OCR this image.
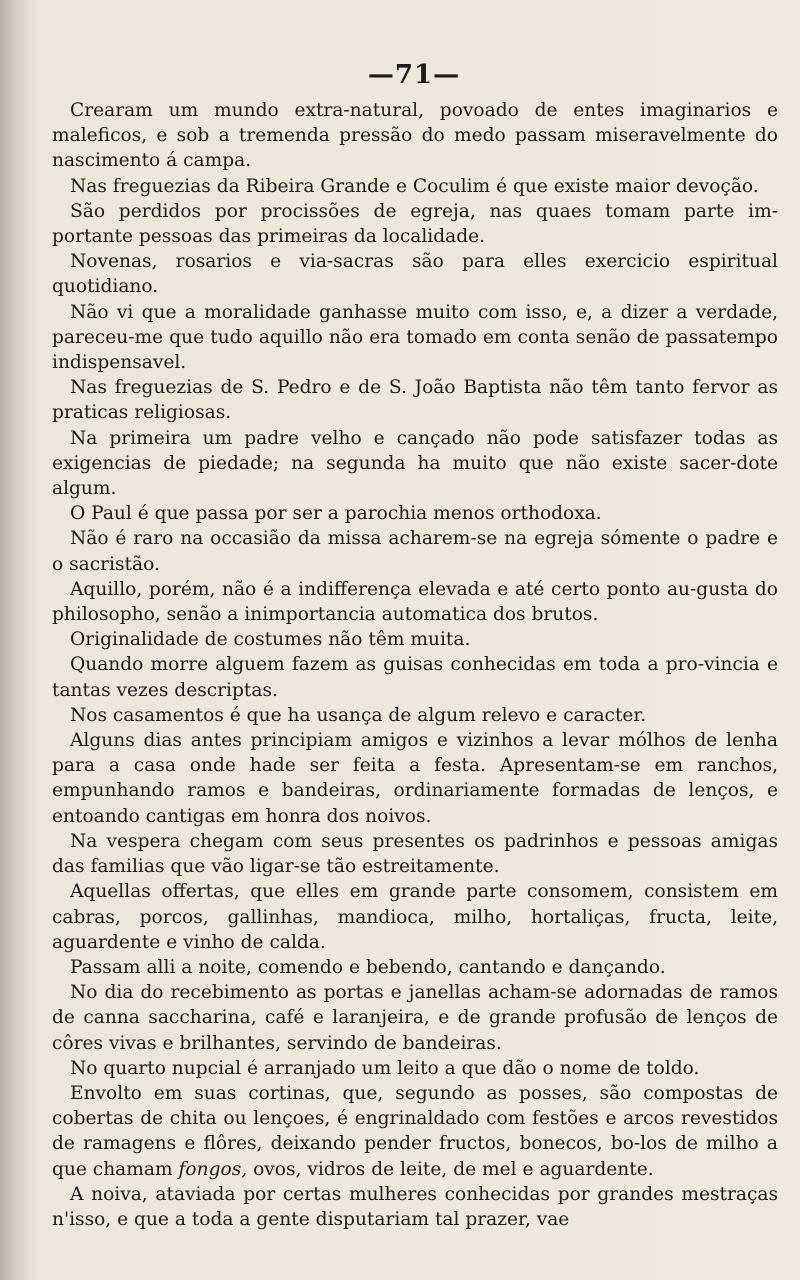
—71—

Crearam um mundo extra-natural, povoado de entes imaginarios e maleficos, e sob a tremenda pressão do medo passam miseravelmente do nascimento á campa.

Nas freguezias da Ribeira Grande e Coculim é que existe maior devoção.

São perdidos por procissões de egreja, nas quaes tomam parte im-portante pessoas das primeiras da localidade.

Novenas, rosarios e via-sacras são para elles exercicio espiritual quotidiano.

Não vi que a moralidade ganhasse muito com isso, e, a dizer a verdade, pareceu-me que tudo aquillo não era tomado em conta senão de passatempo indispensavel.

Nas freguezias de S. Pedro e de S. João Baptista não têm tanto fervor as praticas religiosas.

Na primeira um padre velho e cançado não pode satisfazer todas as exigencias de piedade; na segunda ha muito que não existe sacer-dote algum.

O Paul é que passa por ser a parochia menos orthodoxa.

Não é raro na occasião da missa acharem-se na egreja sómente o padre e o sacristão.

Aquillo, porém, não é a indifferença elevada e até certo ponto au-gusta do philosopho, senão a inimportancia automatica dos brutos.

Originalidade de costumes não têm muita.

Quando morre alguem fazem as guisas conhecidas em toda a pro-vincia e tantas vezes descriptas.

Nos casamentos é que ha usança de algum relevo e caracter.

Alguns dias antes principiam amigos e vizinhos a levar mólhos de lenha para a casa onde hade ser feita a festa. Apresentam-se em ranchos, empunhando ramos e bandeiras, ordinariamente formadas de lenços, e entoando cantigas em honra dos noivos.

Na vespera chegam com seus presentes os padrinhos e pessoas amigas das familias que vão ligar-se tão estreitamente.

Aquellas offertas, que elles em grande parte consomem, consistem em cabras, porcos, gallinhas, mandioca, milho, hortaliças, fructa, leite, aguardente e vinho de calda.

Passam alli a noite, comendo e bebendo, cantando e dançando.

No dia do recebimento as portas e janellas acham-se adornadas de ramos de canna saccharina, café e laranjeira, e de grande profusão de lenços de côres vivas e brilhantes, servindo de bandeiras.

No quarto nupcial é arranjado um leito a que dão o nome de toldo.

Envolto em suas cortinas, que, segundo as posses, são compostas de cobertas de chita ou lençoes, é engrinaldado com festões e arcos revestidos de ramagens e flôres, deixando pender fructos, bonecos, bo-los de milho a que chamam fongos, ovos, vidros de leite, de mel e aguardente.

A noiva, ataviada por certas mulheres conhecidas por grandes mestraças n'isso, e que a toda a gente disputariam tal prazer, vae
